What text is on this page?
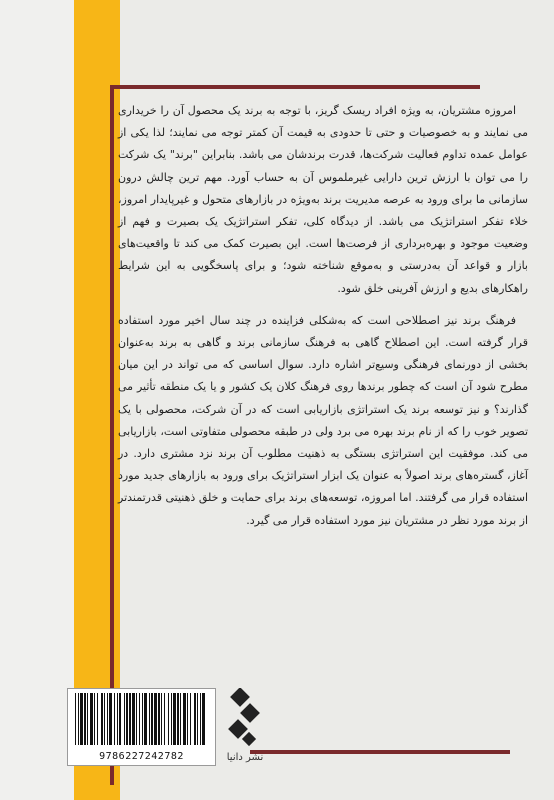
امروزه مشتریان، به ویژه افراد ریسک گریز، با توجه به برند یک محصول آن را خریداری می نمایند و به خصوصیات و حتی تا حدودی به قیمت آن کمتر توجه می نمایند؛ لذا یکی از عوامل عمده تداوم فعالیت شرکت‌ها، قدرت برندشان می باشد. بنابراین "برند" یک شرکت را می توان با ارزش ترین دارایی غیرملموس آن به حساب آورد. مهم ترین چالش درون سازمانی ما برای ورود به عرصه مدیریت برند به‌ویژه در بازارهای متحول و غیرپایدار امروز، خلاء تفکر استراتژیک می باشد. از دیدگاه کلی، تفکر استراتژیک یک بصیرت و فهم از وضعیت موجود و بهره‌برداری از فرصت‌ها است. این بصیرت کمک می کند تا واقعیت‌های بازار و قواعد آن به‌درستی و به‌موقع شناخته شود؛ و برای پاسخگویی به این شرایط راهکارهای بدیع و ارزش آفرینی خلق شود.

فرهنگ برند نیز اصطلاحی است که به‌شکلی فزاینده در چند سال اخیر مورد استفاده قرار گرفته است. این اصطلاح گاهی به فرهنگ سازمانی برند و گاهی به برند به‌عنوان بخشی از دورنمای فرهنگی وسیع‌تر اشاره دارد. سوال اساسی که می تواند در این میان مطرح شود آن است که چطور برندها روی فرهنگ کلان یک کشور و یا یک منطقه تأثیر می گذارند؟ و نیز توسعه برند یک استراتژی بازاریابی است که در آن شرکت، محصولی با یک تصویر خوب را که از نام برند بهره می برد ولی در طبقه محصولی متفاوتی است، بازاریابی می کند. موفقیت این استراتژی بستگی به ذهنیت مطلوب آن برند نزد مشتری دارد. در آغاز، گستره‌های برند اصولاً به عنوان یک ابزار استراتژیک برای ورود به بازارهای جدید مورد استفاده قرار می گرفتند. اما امروزه، توسعه‌های برند برای حمایت و خلق ذهنیتی قدرتمندتر از برند مورد نظر در مشتریان نیز مورد استفاده قرار می گیرد.

9786227242782	نشر دانیا
